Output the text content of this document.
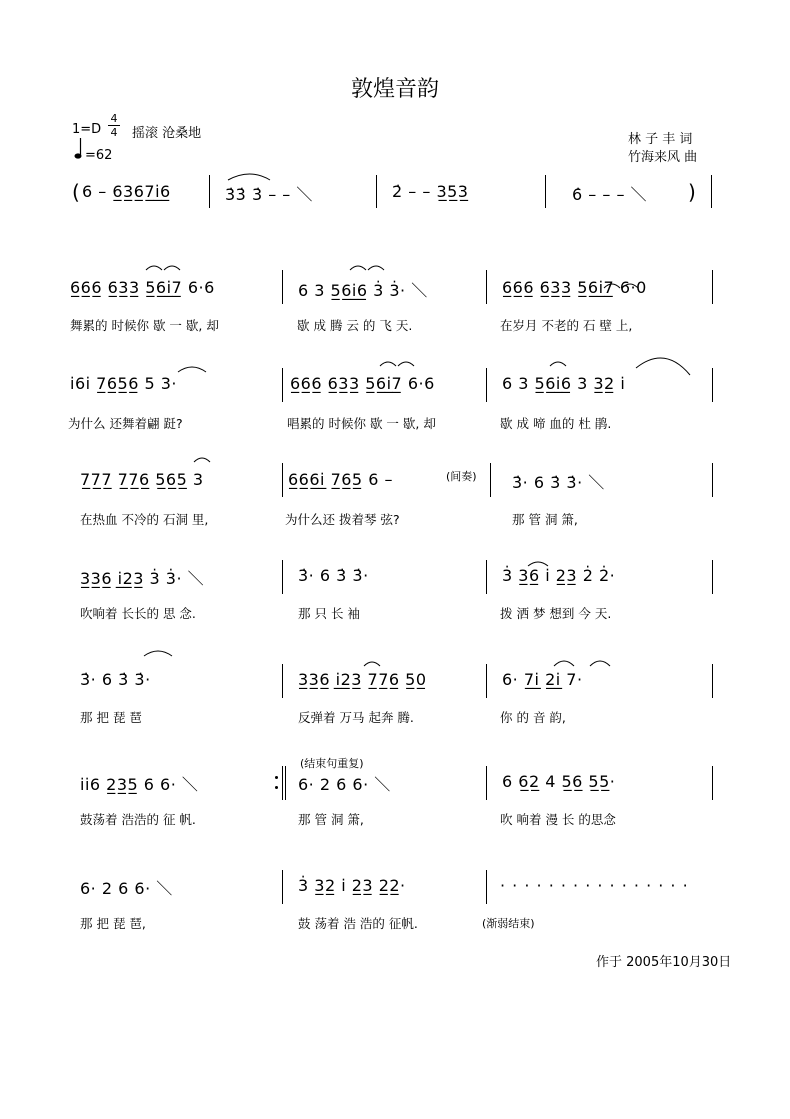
敦煌音韵
1=D
4
4 摇滚 沧桑地
=62
林 子 丰 词
竹海来风 曲
( 6 – 6̲3̲6̲7̲i̲̇6̲	3̇3̇ 3̇ – – ＼	2̇ – – 3̲5̲3̲	6̇ – – – ＼ )
6̲6̲6̲ 6̲3̲3̲ 5̲6̲i̲̇7̲ 6·6	6 3 5̲6̲i̲̇6̲ 3̇ 3̇· ＼	6̲6̲6̲ 6̲3̲3̲ 5̲6̲i̲̇7̲ 6·0
舞累的 时候你 歇 一 歇, 却	歇 成 腾 云 的 飞 天.	在岁月 不老的 石 壁 上,
i̇6i̇ 7̲6̲5̲6̲ 5 3·	6̲6̲6̲ 6̲3̲3̲ 5̲6̲i̲̇7̲ 6·6	6 3 5̲6̲i̲̇6̲ 3 3̲2̲ i̇
为什么 还舞着翩 跹?	唱累的 时候你 歇 一 歇, 却	歇 成 啼 血的 杜 鹃.
7̲7̲7̲ 7̲7̲6̲ 5̲6̲5̲ 3	6̲6̲6̲i̲̇ 7̲6̲5̲ 6 –	(间奏) 3̇· 6 3̇ 3̇· ＼
在热血 不冷的 石洞 里,	为什么还 拨着琴 弦?	那 管 洞 箫,
3̲3̲6̲ i̲̇2̲3̲ 3̇ 3̇· ＼	3̇· 6 3̇ 3̇·	3̇ 3̲6̲ i̇ 2̲3̲ 2̇ 2̇·
吹响着 长长的 思 念.	那 只 长 袖	拨 洒 梦 想到 今 天.
3̇· 6 3̇ 3̇·	3̲3̲6̲ i̲̇2̲3̲ 7̲7̲6̲ 5̲0̲	6· 7̲i̲̇ 2̲i̲̇ 7·
那 把 琵 琶	反弹着 万马 起奔 腾.	你 的 音 韵,
(结束句重复)
i̇i̇6 2̲3̲5̲ 6 6· ＼	6· 2 6 6· ＼	6 6̲2̲ 4 5̲6̲ 5̲5̲·
鼓荡着 浩浩的 征 帆.	那 管 洞 箫,	吹 响着 漫 长 的思念
6· 2 6 6· ＼	3̇ 3̲2̲ i̇ 2̲3̲ 2̲2̲·	· · · · · · · · · · · · · · · ·
那 把 琵 琶,	鼓 荡着 浩 浩的 征帆.	(渐弱结束)
作于 2005年10月30日
